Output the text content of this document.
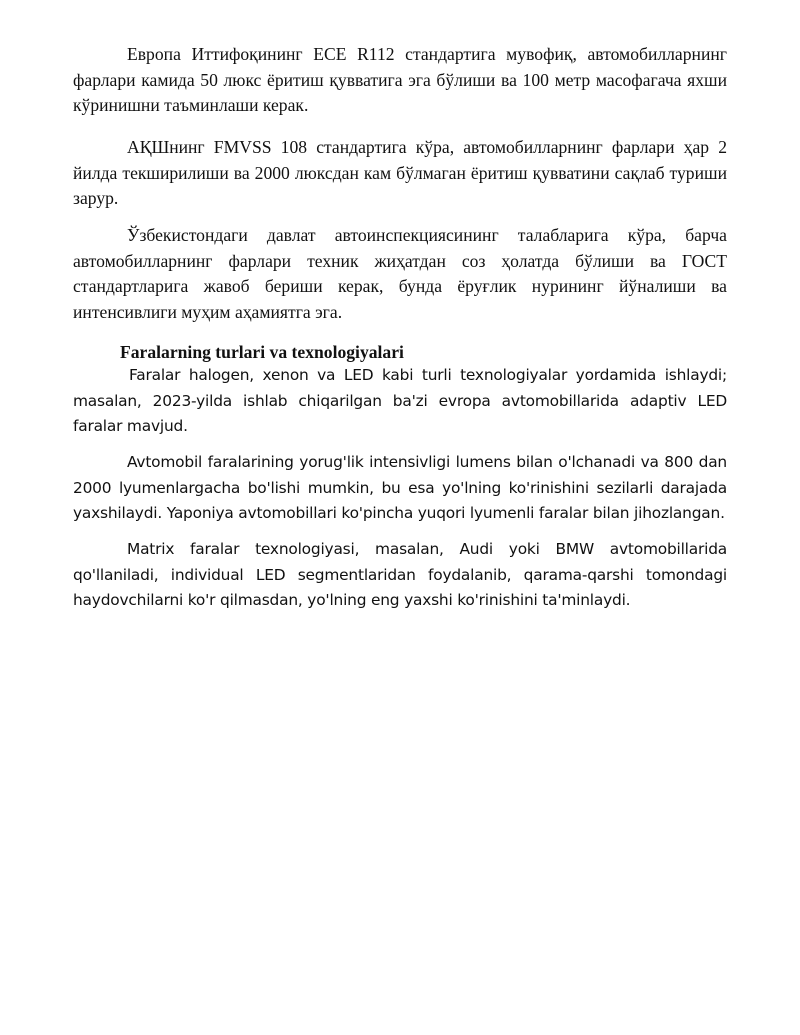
Европа Иттифоқининг ECE R112 стандартига мувофиқ, автомобилларнинг фарлари камида 50 люкс ёритиш қувватига эга бўлиши ва 100 метр масофагача яхши кўринишни таъминлаши керак.

АҚШнинг FMVSS 108 стандартига кўра, автомобилларнинг фарлари ҳар 2 йилда текширилиши ва 2000 люксдан кам бўлмаган ёритиш қувватини сақлаб туриши зарур.

Ўзбекистондаги давлат автоинспекциясининг талабларига кўра, барча автомобилларнинг фарлари техник жиҳатдан соз ҳолатда бўлиши ва ГОСТ стандартларига жавоб бериши керак, бунда ёруғлик нурининг йўналиши ва интенсивлиги муҳим аҳамиятга эга.

Faralarning turlari va texnologiyalari

Faralar halogen, xenon va LED kabi turli texnologiyalar yordamida ishlaydi; masalan, 2023-yilda ishlab chiqarilgan ba'zi evropa avtomobillarida adaptiv LED faralar mavjud.

Avtomobil faralarining yorug'lik intensivligi lumens bilan o'lchanadi va 800 dan 2000 lyumenlargacha bo'lishi mumkin, bu esa yo'lning ko'rinishini sezilarli darajada yaxshilaydi. Yaponiya avtomobillari ko'pincha yuqori lyumenli faralar bilan jihozlangan.

Matrix faralar texnologiyasi, masalan, Audi yoki BMW avtomobillarida qo'llaniladi, individual LED segmentlaridan foydalanib, qarama-qarshi tomondagi haydovchilarni ko'r qilmasdan, yo'lning eng yaxshi ko'rinishini ta'minlaydi.
